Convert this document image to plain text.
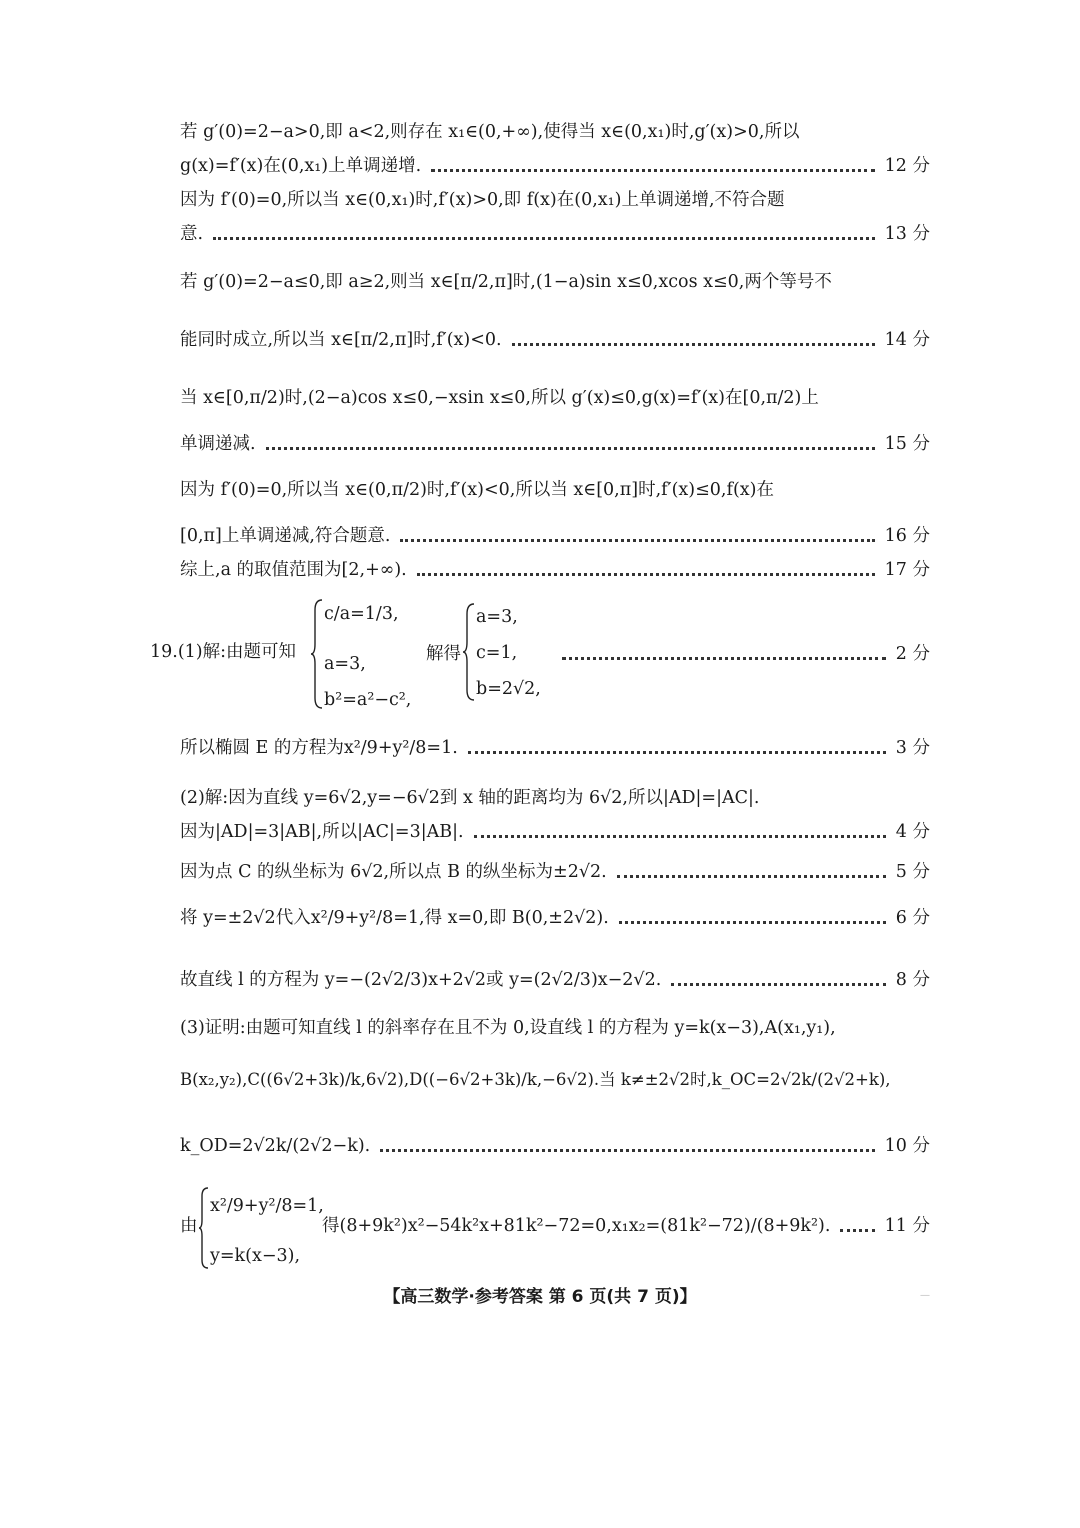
若 g′(0)=2−a>0,即 a<2,则存在 x₁∈(0,+∞),使得当 x∈(0,x₁)时,g′(x)>0,所以
g(x)=f′(x)在(0,x₁)上单调递增.	12 分
因为 f′(0)=0,所以当 x∈(0,x₁)时,f′(x)>0,即 f(x)在(0,x₁)上单调递增,不符合题
意.	13 分
若 g′(0)=2−a≤0,即 a≥2,则当 x∈[π/2,π]时,(1−a)sin x≤0,xcos x≤0,两个等号不
能同时成立,所以当 x∈[π/2,π]时,f′(x)<0.	14 分
当 x∈[0,π/2)时,(2−a)cos x≤0,−xsin x≤0,所以 g′(x)≤0,g(x)=f′(x)在[0,π/2)上
单调递减.	15 分
因为 f′(0)=0,所以当 x∈(0,π/2)时,f′(x)<0,所以当 x∈[0,π]时,f′(x)≤0,f(x)在
[0,π]上单调递减,符合题意.	16 分
综上,a 的取值范围为[2,+∞).	17 分
19.(1)解:由题可知
c/a=1/3,
a=3,
b²=a²−c²,
解得
a=3,
c=1,
b=2√2,
2 分
所以椭圆 E 的方程为x²/9+y²/8=1.	3 分
(2)解:因为直线 y=6√2,y=−6√2到 x 轴的距离均为 6√2,所以|AD|=|AC|.
因为|AD|=3|AB|,所以|AC|=3|AB|.	4 分
因为点 C 的纵坐标为 6√2,所以点 B 的纵坐标为±2√2.	5 分
将 y=±2√2代入x²/9+y²/8=1,得 x=0,即 B(0,±2√2).	6 分
故直线 l 的方程为 y=−(2√2/3)x+2√2或 y=(2√2/3)x−2√2.	8 分
(3)证明:由题可知直线 l 的斜率存在且不为 0,设直线 l 的方程为 y=k(x−3),A(x₁,y₁),
B(x₂,y₂),C((6√2+3k)/k,6√2),D((−6√2+3k)/k,−6√2).当 k≠±2√2时,k_OC=2√2k/(2√2+k),
k_OD=2√2k/(2√2−k).	10 分
由
x²/9+y²/8=1,
y=k(x−3),
得(8+9k²)x²−54k²x+81k²−72=0,x₁x₂=(81k²−72)/(8+9k²).	11 分
【高三数学·参考答案 第 6 页(共 7 页)】	—
